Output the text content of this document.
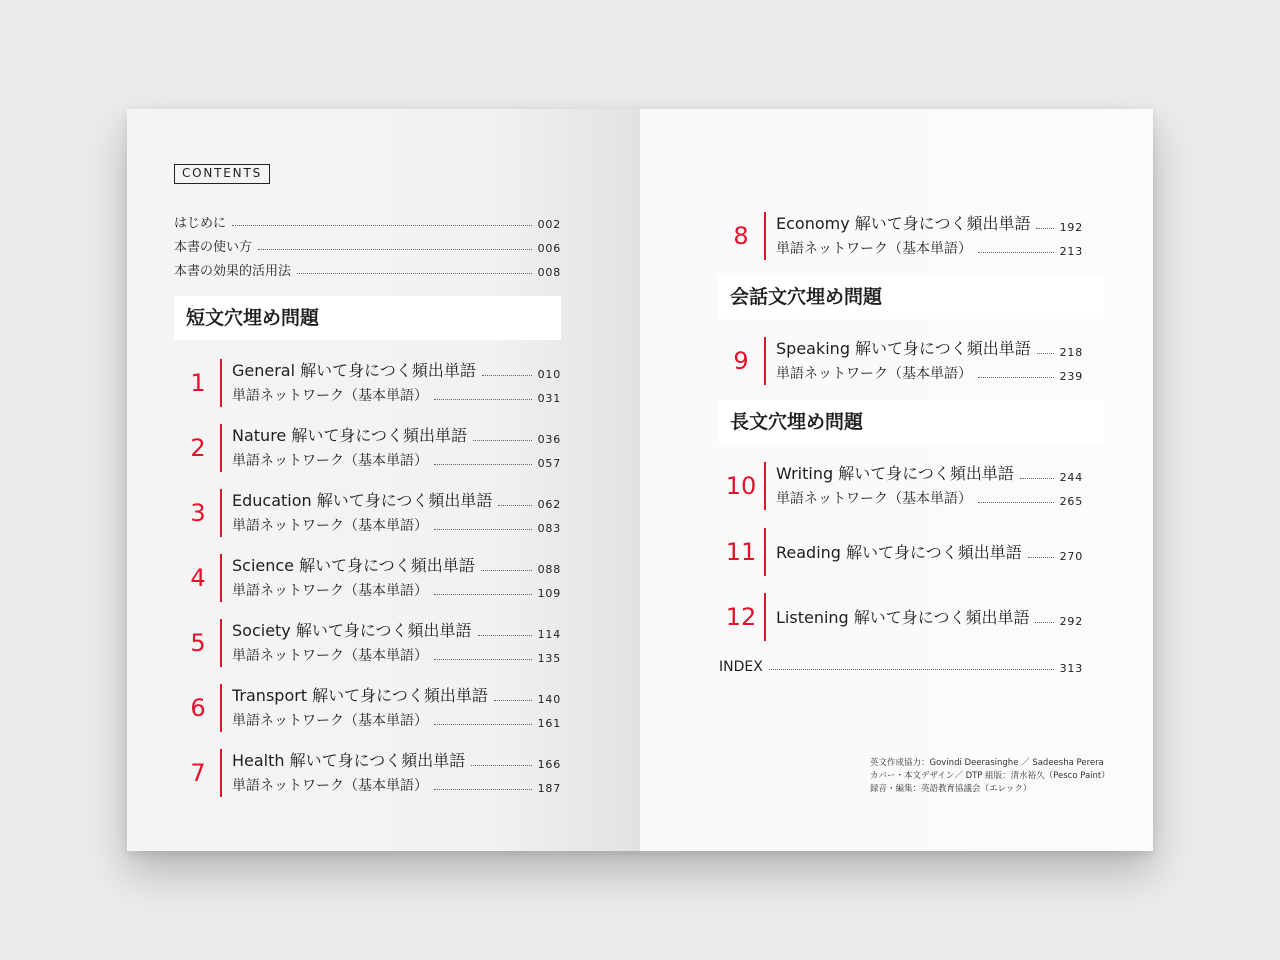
CONTENTS
はじめに	002
本書の使い方	006
本書の効果的活用法	008
短文穴埋め問題
1	General 解いて身につく頻出単語	010
単語ネットワーク（基本単語）	031
2	Nature 解いて身につく頻出単語	036
単語ネットワーク（基本単語）	057
3	Education 解いて身につく頻出単語	062
単語ネットワーク（基本単語）	083
4	Science 解いて身につく頻出単語	088
単語ネットワーク（基本単語）	109
5	Society 解いて身につく頻出単語	114
単語ネットワーク（基本単語）	135
6	Transport 解いて身につく頻出単語	140
単語ネットワーク（基本単語）	161
7	Health 解いて身につく頻出単語	166
単語ネットワーク（基本単語）	187
8	Economy 解いて身につく頻出単語	192
単語ネットワーク（基本単語）	213
会話文穴埋め問題
9	Speaking 解いて身につく頻出単語	218
単語ネットワーク（基本単語）	239
長文穴埋め問題
10	Writing 解いて身につく頻出単語	244
単語ネットワーク（基本単語）	265
11	Reading 解いて身につく頻出単語	270
12	Listening 解いて身につく頻出単語	292
INDEX	313
英文作成協力：Govindi Deerasinghe ／ Sadeesha Perera
カバー・本文デザイン／ DTP 組版：清水裕久（Pesco Paint）
録音・編集：英語教育協議会（エレック）
